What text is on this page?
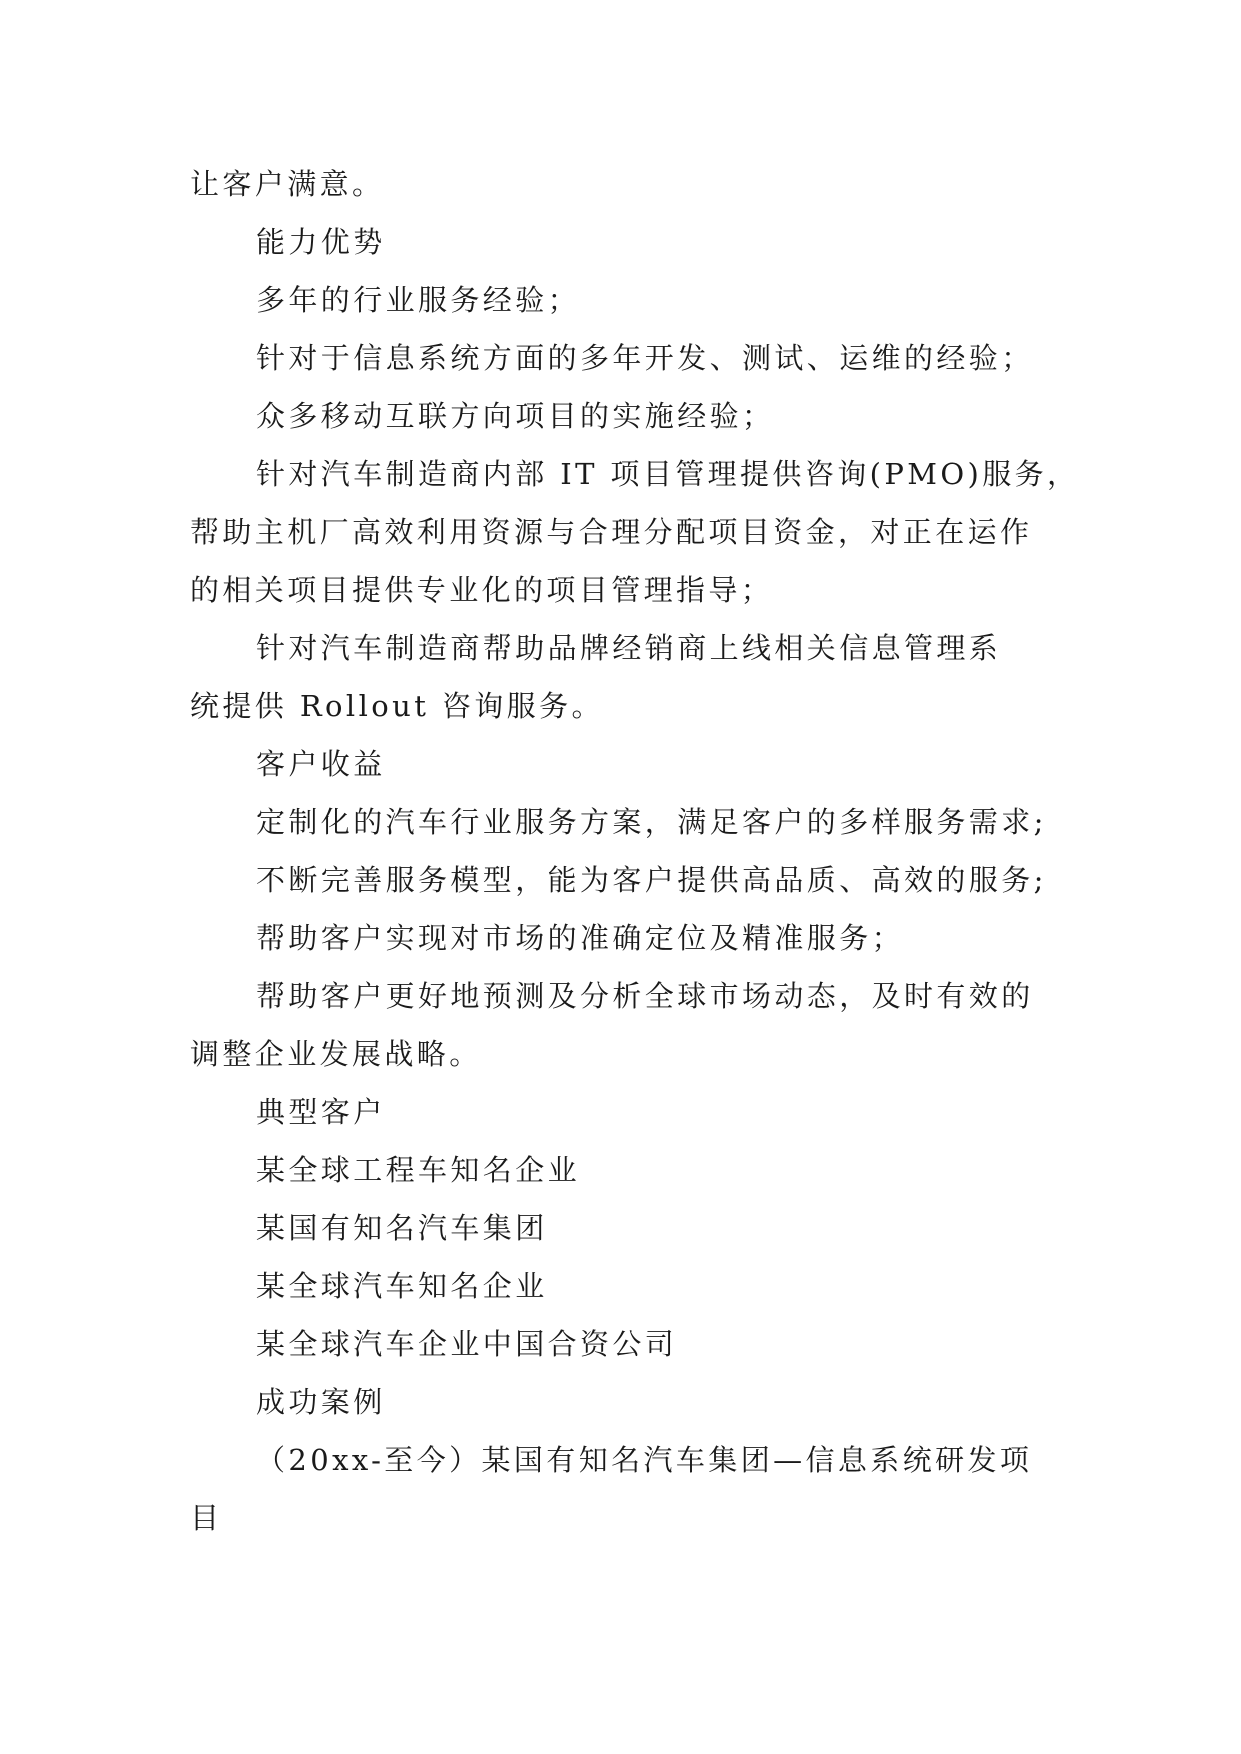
让客户满意。
能力优势
多年的行业服务经验；
针对于信息系统方面的多年开发、测试、运维的经验；
众多移动互联方向项目的实施经验；
针对汽车制造商内部 IT 项目管理提供咨询(PMO)服务，
帮助主机厂高效利用资源与合理分配项目资金，对正在运作
的相关项目提供专业化的项目管理指导；
针对汽车制造商帮助品牌经销商上线相关信息管理系
统提供 Rollout 咨询服务。
客户收益
定制化的汽车行业服务方案，满足客户的多样服务需求;
不断完善服务模型，能为客户提供高品质、高效的服务;
帮助客户实现对市场的准确定位及精准服务；
帮助客户更好地预测及分析全球市场动态，及时有效的
调整企业发展战略。
典型客户
某全球工程车知名企业
某国有知名汽车集团
某全球汽车知名企业
某全球汽车企业中国合资公司
成功案例
（20xx-至今）某国有知名汽车集团—信息系统研发项
目
